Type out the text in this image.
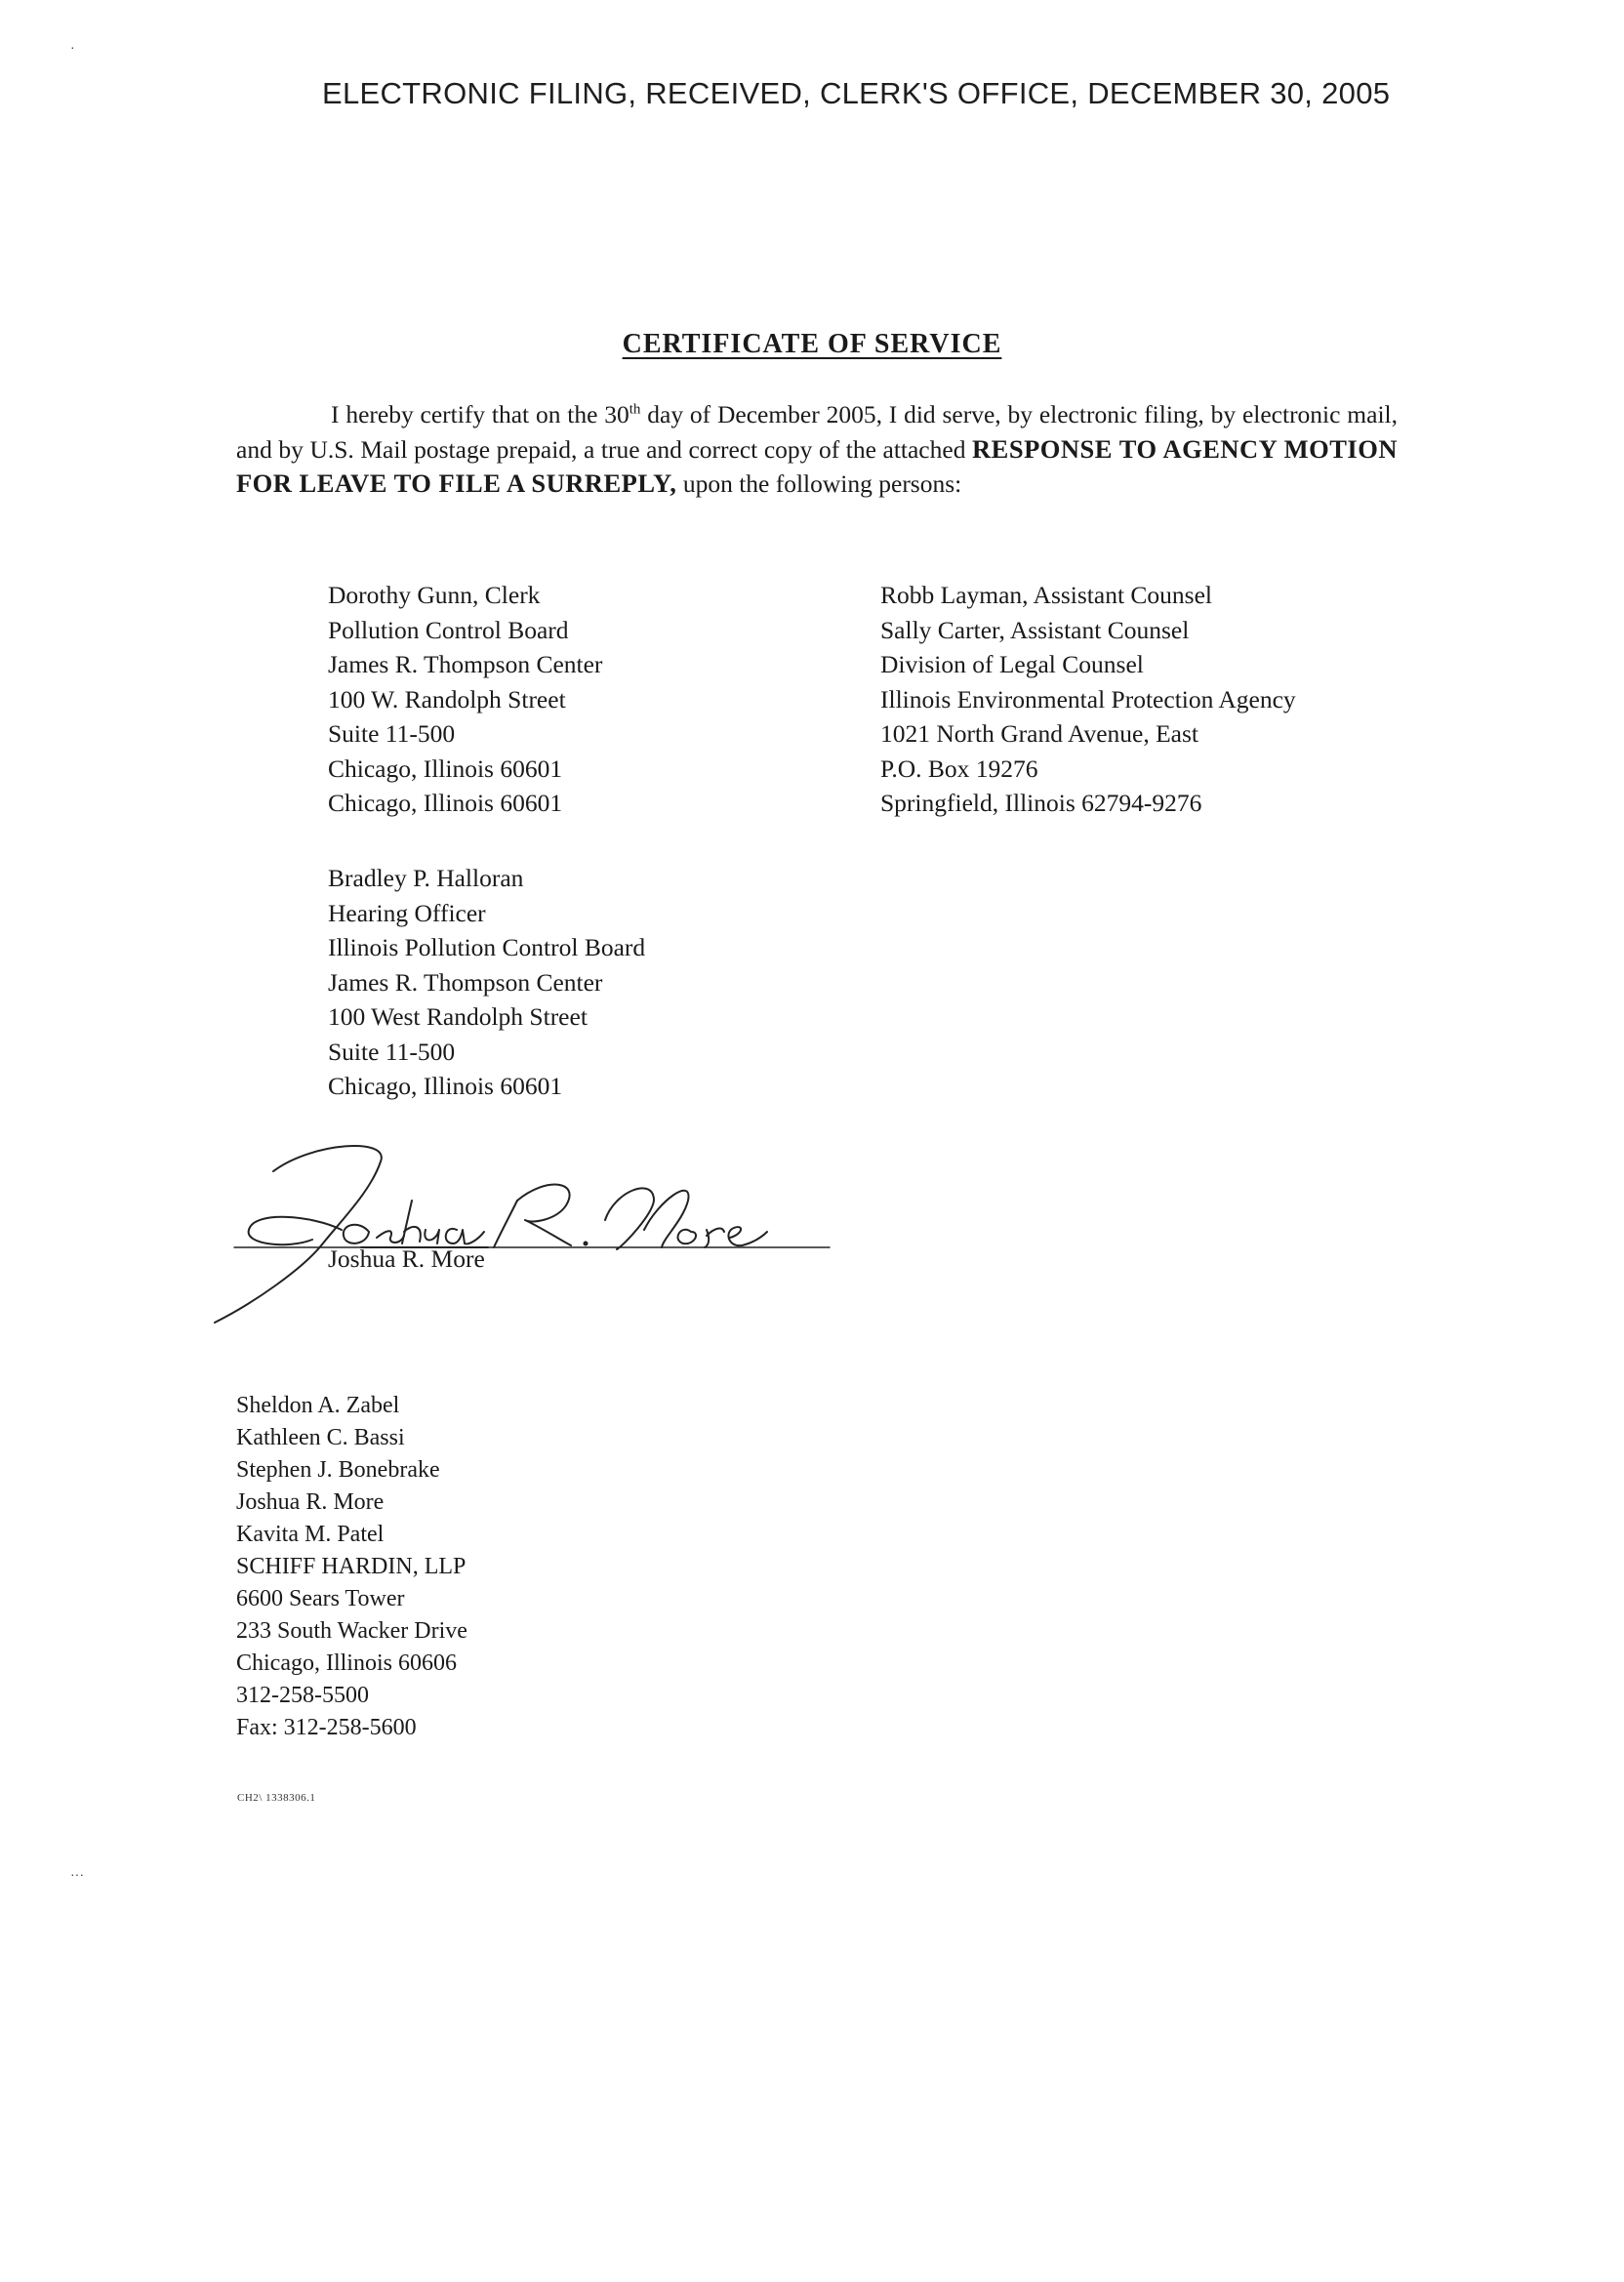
·
···
ELECTRONIC FILING, RECEIVED, CLERK'S OFFICE, DECEMBER 30, 2005
CERTIFICATE OF SERVICE
I hereby certify that on the 30th day of December 2005, I did serve, by electronic filing, by electronic mail, and by U.S. Mail postage prepaid, a true and correct copy of the attached RESPONSE TO AGENCY MOTION FOR LEAVE TO FILE A SURREPLY, upon the following persons:
Dorothy Gunn, Clerk
Pollution Control Board
James R. Thompson Center
100 W. Randolph Street
Suite 11-500
Chicago, Illinois 60601
Chicago, Illinois 60601
Robb Layman, Assistant Counsel
Sally Carter, Assistant Counsel
Division of Legal Counsel
Illinois Environmental Protection Agency
1021 North Grand Avenue, East
P.O. Box 19276
Springfield, Illinois 62794-9276
Bradley P. Halloran
Hearing Officer
Illinois Pollution Control Board
James R. Thompson Center
100 West Randolph Street
Suite 11-500
Chicago, Illinois 60601
Joshua R. More
Sheldon A. Zabel
Kathleen C. Bassi
Stephen J. Bonebrake
Joshua R. More
Kavita M. Patel
SCHIFF HARDIN, LLP
6600 Sears Tower
233 South Wacker Drive
Chicago, Illinois 60606
312-258-5500
Fax: 312-258-5600
CH2\ 1338306.1
